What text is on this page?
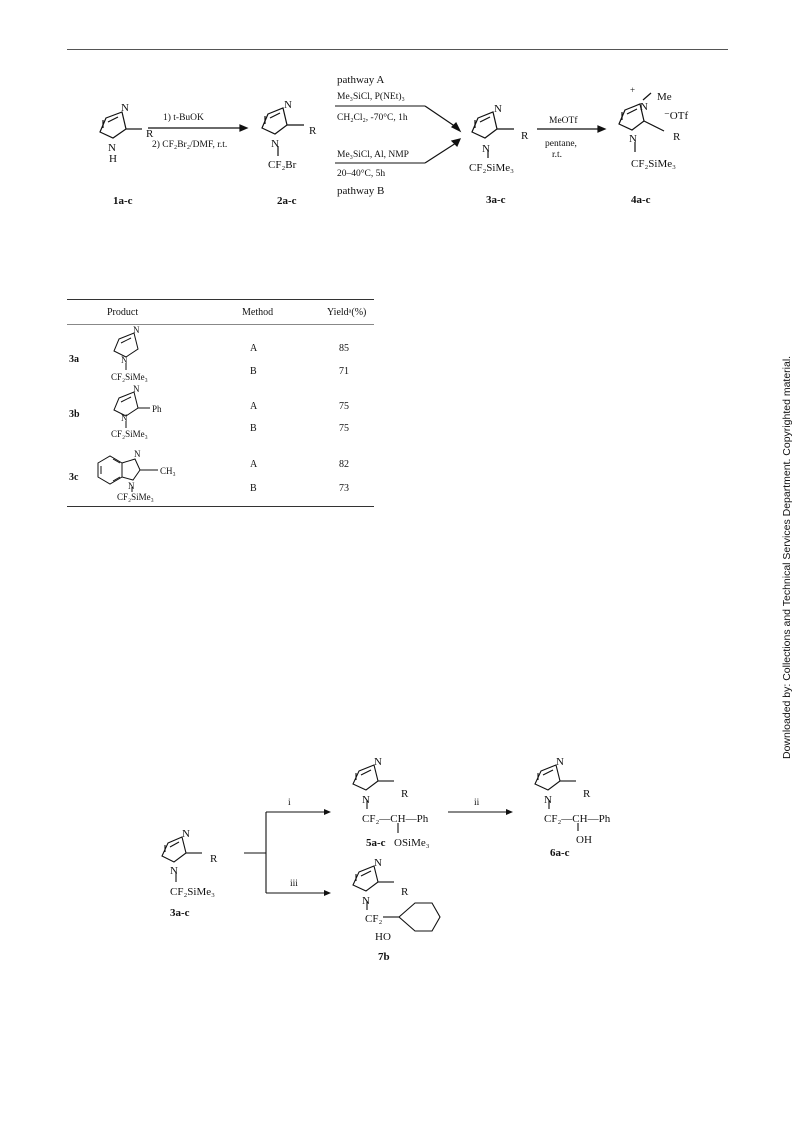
N
R
N
H
1a-c
1) t-BuOK
2) CF₂Br₂/DMF, r.t.
N
R
N
CF₂Br
2a-c
pathway A
Me₃SiCl, P(NEt)₃
CH₂Cl₂, -70°C, 1h
Me₃SiCl, Al, NMP
20–40°C, 5h
pathway B
N
R
N
CF₂SiMe₃
3a-c
MeOTf
pentane,
r.t.
Me
+
N
⁻OTf
R
N
CF₂SiMe₃
4a-c
Product	Method	Yieldᵃ(%)
3a
A	85
B	71
3b
A	75
B	75
3c
A	82
B	73
N
N
CF₂SiMe₃
N
Ph
N
CF₂SiMe₃
N
CH₃
N
CF₂SiMe₃
N
R
N
CF₂SiMe₃
3a-c
i
iii
ii
N
R
N
CF₂—CH—Ph
OSiMe₃
5a-c
N
R
N
CF₂—CH—Ph
OH
6a-c
N
R
N
CF₂
HO
7b
Downloaded by: Collections and Technical Services Department. Copyrighted material.
